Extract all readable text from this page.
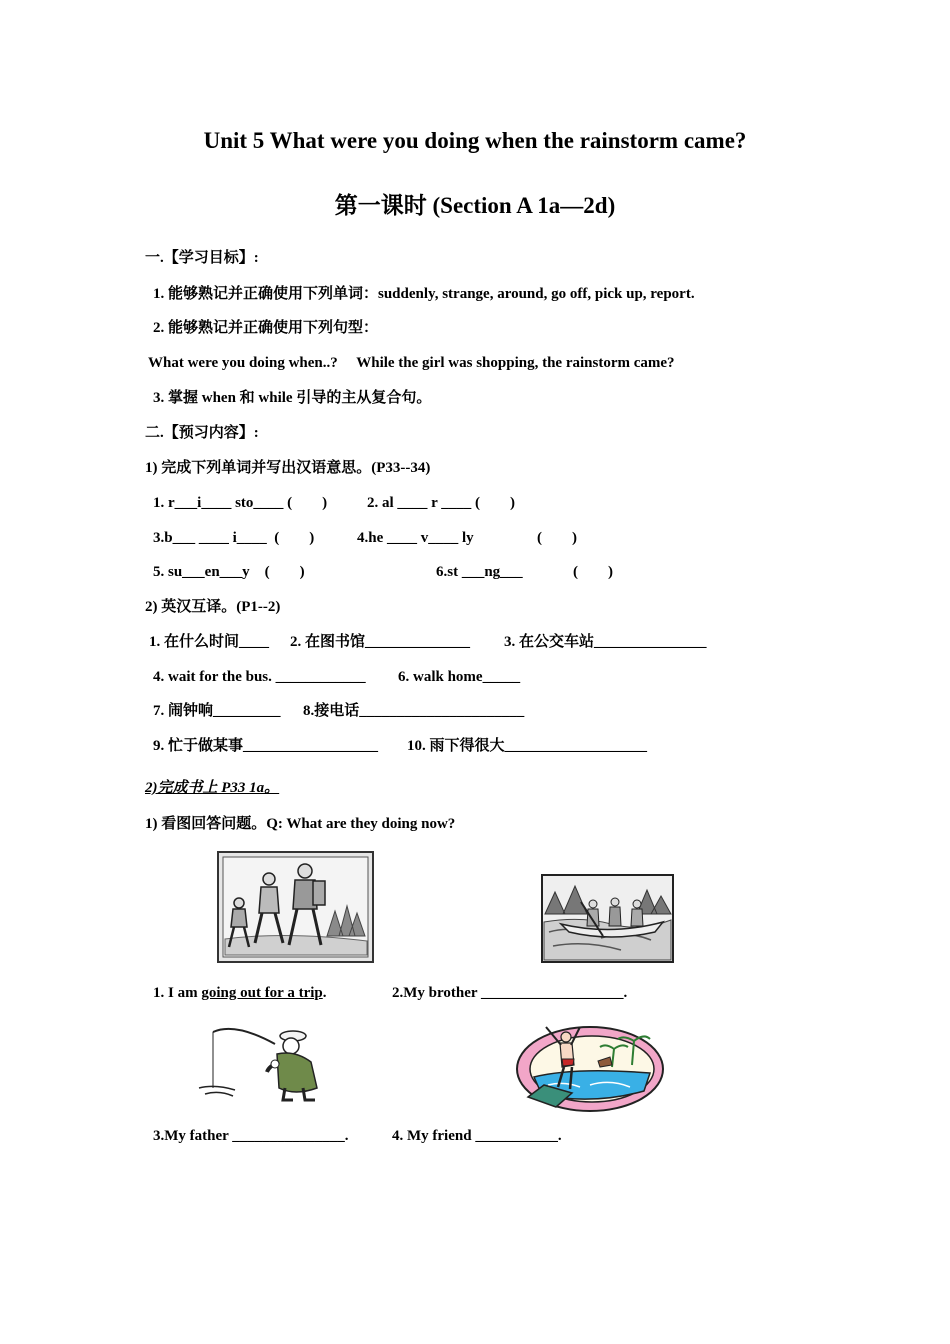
Unit 5 What were you doing when the rainstorm came?
第一课时 (Section A 1a—2d)
一.【学习目标】:
1. 能够熟记并正确使用下列单词：suddenly, strange, around, go off, pick up, report.
2. 能够熟记并正确使用下列句型：
What were you doing when..?     While the girl was shopping, the rainstorm came?
3. 掌握 when 和 while 引导的主从复合句。
二.【预习内容】:
1) 完成下列单词并写出汉语意思。(P33--34)
1. r___i____ sto____ (        )	2. al ____ r ____ (        )
3.b___ ____ i____  (        )	4.he ____ v____ ly	(        )
5. su___en___y    (        )	6.st ___ng___	(        )
2) 英汉互译。(P1--2)
1. 在什么时间____ 2. 在图书馆______________ 3. 在公交车站_______________
4. wait for the bus. ____________ 6. walk home_____
7. 闹钟响_________ 8.接电话______________________
9. 忙于做某事__________________ 10. 雨下得很大___________________
2)完成书上 P33 1a。
1) 看图回答问题。Q: What are they doing now?
1. I am going out for a trip.	2.My brother ___________________.
3.My father _______________.	4. My friend ___________.
